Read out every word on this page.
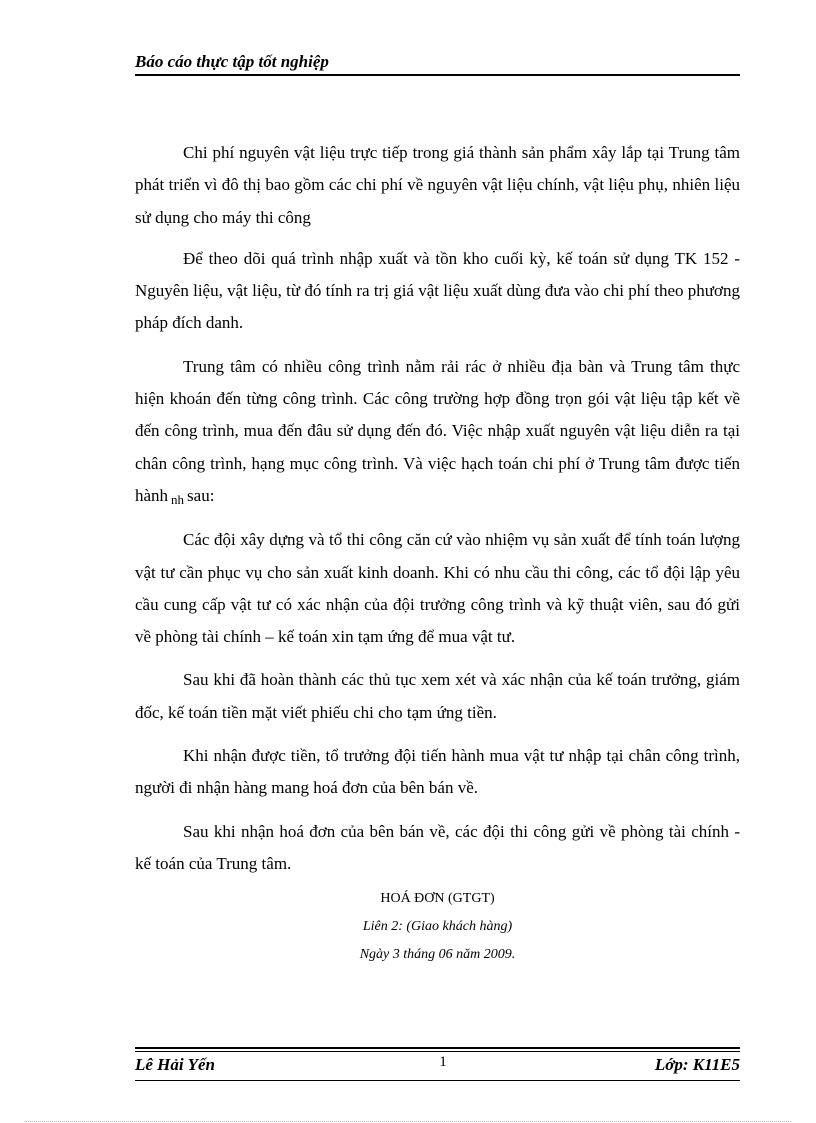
Báo cáo thực tập tốt nghiệp

Chi phí nguyên vật liệu trực tiếp trong giá thành sản phẩm xây lắp tại Trung tâm phát triển vì đô thị bao gồm các chi phí về nguyên vật liệu chính, vật liệu phụ, nhiên liệu sử dụng cho máy thi công

Để theo dõi quá trình nhập xuất và tồn kho cuối kỳ, kế toán sử dụng TK 152 - Nguyên liệu, vật liệu, từ đó tính ra trị giá vật liệu xuất dùng đưa vào chi phí theo phương pháp đích danh.

Trung tâm có nhiều công trình nằm rải rác ở nhiều địa bàn và Trung tâm thực hiện khoán đến từng công trình. Các công trường hợp đồng trọn gói vật liệu tập kết về đến công trình, mua đến đâu sử dụng đến đó. Việc nhập xuất nguyên vật liệu diễn ra tại chân công trình, hạng mục công trình. Và việc hạch toán chi phí ở Trung tâm được tiến hành nh sau:

Các đội xây dựng và tổ thi công căn cứ vào nhiệm vụ sản xuất để tính toán lượng vật tư cần phục vụ cho sản xuất kinh doanh. Khi có nhu cầu thi công, các tổ đội lập yêu cầu cung cấp vật tư có xác nhận của đội trưởng công trình và kỹ thuật viên, sau đó gửi về phòng tài chính – kế toán xin tạm ứng để mua vật tư.

Sau khi đã hoàn thành các thủ tục xem xét và xác nhận của kế toán trưởng, giám đốc, kế toán tiền mặt viết phiếu chi cho tạm ứng tiền.

Khi nhận được tiền, tổ trưởng đội tiến hành mua vật tư nhập tại chân công trình, người đi nhận hàng mang hoá đơn của bên bán về.

Sau khi nhận hoá đơn của bên bán về, các đội thi công gửi về phòng tài chính - kế toán của Trung tâm.

HOÁ ĐƠN (GTGT)

Liên 2: (Giao khách hàng)

Ngày 3 tháng 06 năm 2009.

Lê Hải Yến	1	Lớp: K11E5
